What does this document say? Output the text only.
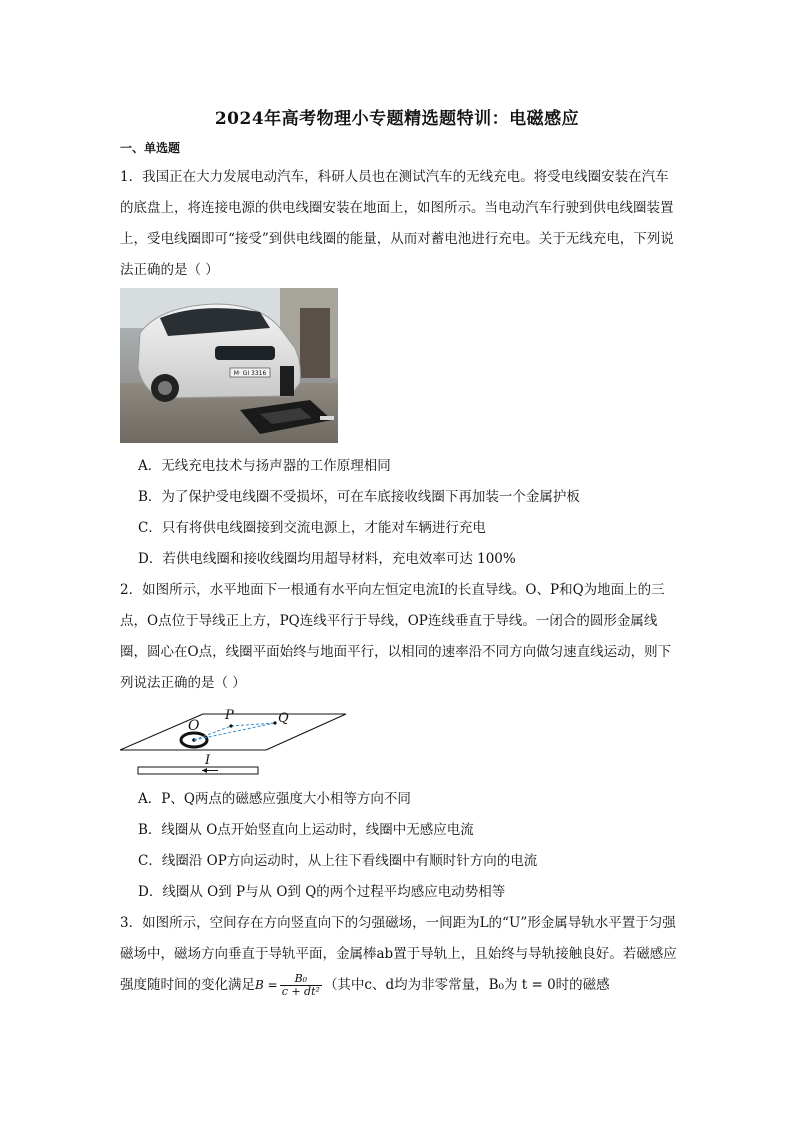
2024年高考物理小专题精选题特训：电磁感应
一、单选题
1．我国正在大力发展电动汽车，科研人员也在测试汽车的无线充电。将受电线圈安装在汽车的底盘上，将连接电源的供电线圈安装在地面上，如图所示。当电动汽车行驶到供电线圈装置上，受电线圈即可“接受”到供电线圈的能量，从而对蓄电池进行充电。关于无线充电，下列说法正确的是（ ）
M· GI 3316
A．无线充电技术与扬声器的工作原理相同
B．为了保护受电线圈不受损坏，可在车底接收线圈下再加装一个金属护板
C．只有将供电线圈接到交流电源上，才能对车辆进行充电
D．若供电线圈和接收线圈均用超导材料，充电效率可达 100%
2．如图所示，水平地面下一根通有水平向左恒定电流I的长直导线。O、P和Q为地面上的三点，O点位于导线正上方，PQ连线平行于导线，OP连线垂直于导线。一闭合的圆形金属线圈，圆心在O点，线圈平面始终与地面平行，以相同的速率沿不同方向做匀速直线运动，则下列说法正确的是（ ）
O
P	Q
I
A．P、Q两点的磁感应强度大小相等方向不同
B．线圈从 O点开始竖直向上运动时，线圈中无感应电流
C．线圈沿 OP方向运动时，从上往下看线圈中有顺时针方向的电流
D．线圈从 O到 P与从 O到 Q的两个过程平均感应电动势相等
3．如图所示，空间存在方向竖直向下的匀强磁场，一间距为L的“U”形金属导轨水平置于匀强磁场中，磁场方向垂直于导轨平面，金属棒ab置于导轨上，且始终与导轨接触良好。若磁感应强度随时间的变化满足$B = \frac{\text{B₀}}{\text{c + dt²}}$ （其中c、d均为非零常量，B₀为 t = 0时的磁感
